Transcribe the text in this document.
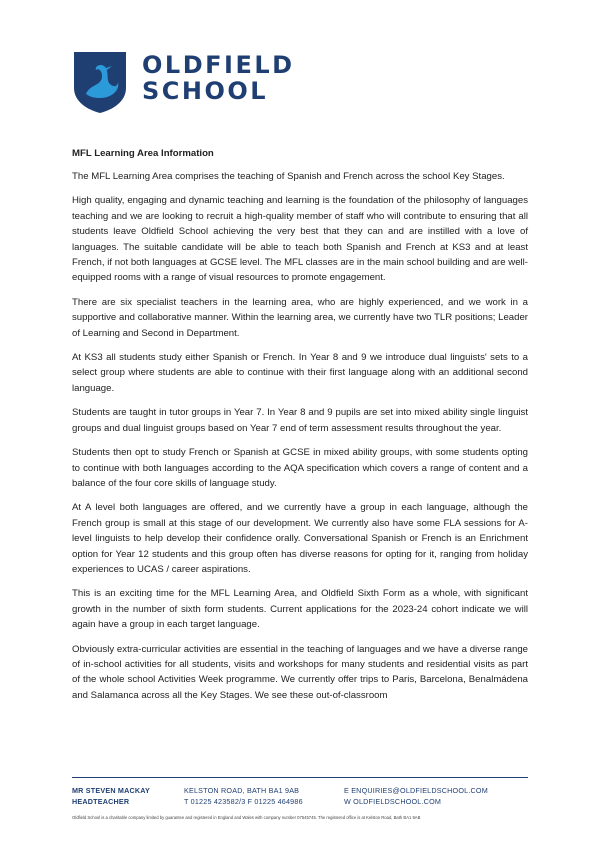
OLDFIELD
SCHOOL
MFL Learning Area Information

The MFL Learning Area comprises the teaching of Spanish and French across the school Key Stages.

High quality, engaging and dynamic teaching and learning is the foundation of the philosophy of languages teaching and we are looking to recruit a high-quality member of staff who will contribute to ensuring that all students leave Oldfield School achieving the very best that they can and are instilled with a love of languages. The suitable candidate will be able to teach both Spanish and French at KS3 and at least French, if not both languages at GCSE level. The MFL classes are in the main school building and are well-equipped rooms with a range of visual resources to promote engagement.

There are six specialist teachers in the learning area, who are highly experienced, and we work in a supportive and collaborative manner. Within the learning area, we currently have two TLR positions; Leader of Learning and Second in Department.

At KS3 all students study either Spanish or French. In Year 8 and 9 we introduce dual linguists' sets to a select group where students are able to continue with their first language along with an additional second language.

Students are taught in tutor groups in Year 7. In Year 8 and 9 pupils are set into mixed ability single linguist groups and dual linguist groups based on Year 7 end of term assessment results throughout the year.

Students then opt to study French or Spanish at GCSE in mixed ability groups, with some students opting to continue with both languages according to the AQA specification which covers a range of content and a balance of the four core skills of language study.

At A level both languages are offered, and we currently have a group in each language, although the French group is small at this stage of our development. We currently also have some FLA sessions for A-level linguists to help develop their confidence orally. Conversational Spanish or French is an Enrichment option for Year 12 students and this group often has diverse reasons for opting for it, ranging from holiday experiences to UCAS / career aspirations.

This is an exciting time for the MFL Learning Area, and Oldfield Sixth Form as a whole, with significant growth in the number of sixth form students. Current applications for the 2023-24 cohort indicate we will again have a group in each target language.

Obviously extra-curricular activities are essential in the teaching of languages and we have a diverse range of in-school activities for all students, visits and workshops for many students and residential visits as part of the whole school Activities Week programme. We currently offer trips to Paris, Barcelona, Benalmádena and Salamanca across all the Key Stages. We see these out-of-classroom

MR STEVEN MACKAY
HEADTEACHER
KELSTON ROAD, BATH BA1 9AB
T 01225 423582/3 F 01225 464986
E ENQUIRIES@OLDFIELDSCHOOL.COM
W OLDFIELDSCHOOL.COM
Oldfield School is a charitable company limited by guarantee and registered in England and Wales with company number 07545745. The registered office is at Kelston Road, Bath BA1 9AB
